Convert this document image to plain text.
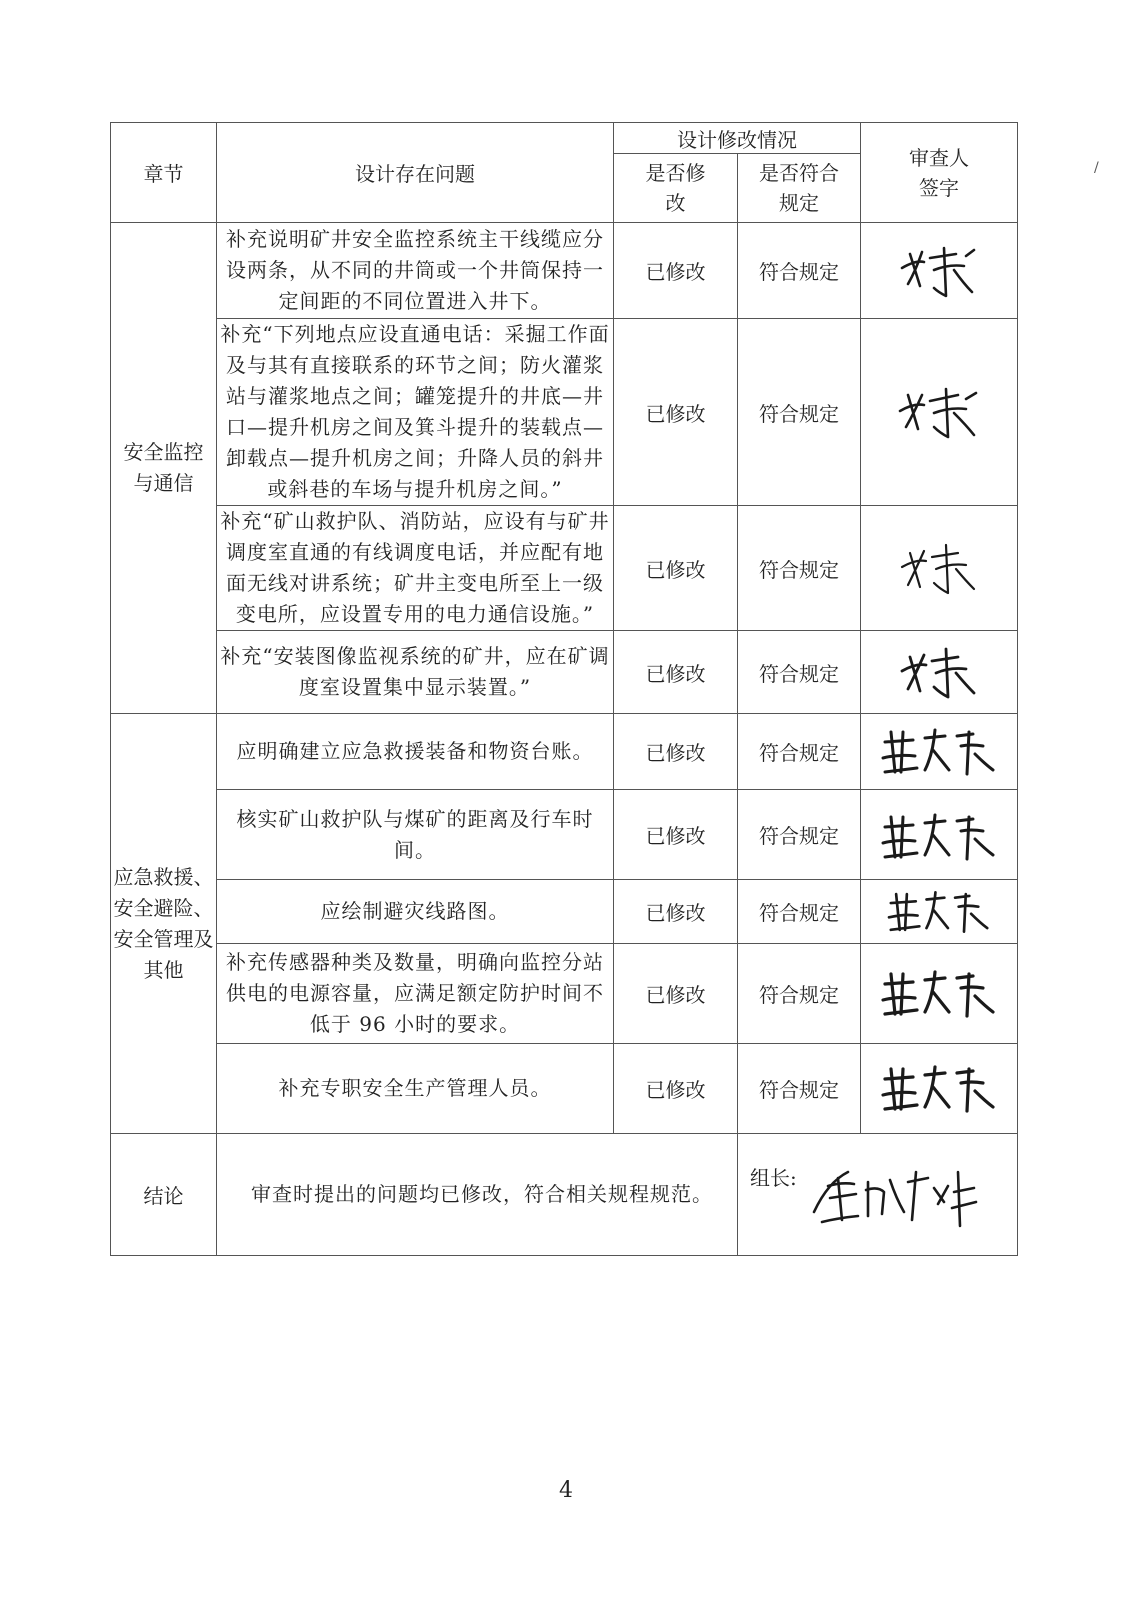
章节	设计存在问题	设计修改情况		审查人签字
		是否修改	是否符合规定	
安全监控与通信	补充说明矿井安全监控系统主干线缆应分设两条，从不同的井筒或一个井筒保持一定间距的不同位置进入井下。	已修改	符合规定	

	补充“下列地点应设直通电话：采掘工作面及与其有直接联系的环节之间；防火灌浆站与灌浆地点之间；罐笼提升的井底—井口—提升机房之间及箕斗提升的装载点—卸载点—提升机房之间；升降人员的斜井或斜巷的车场与提升机房之间。”	已修改	符合规定	

	补充“矿山救护队、消防站，应设有与矿井调度室直通的有线调度电话，并应配有地面无线对讲系统；矿井主变电所至上一级变电所，应设置专用的电力通信设施。”	已修改	符合规定	

	补充“安装图像监视系统的矿井，应在矿调度室设置集中显示装置。”	已修改	符合规定	

应急救援、安全避险、安全管理及其他	应明确建立应急救援装备和物资台账。	已修改	符合规定	

	核实矿山救护队与煤矿的距离及行车时间。	已修改	符合规定	

	应绘制避灾线路图。	已修改	符合规定	

	补充传感器种类及数量，明确向监控分站供电的电源容量，应满足额定防护时间不低于 96 小时的要求。	已修改	符合规定	

	补充专职安全生产管理人员。	已修改	符合规定	

结论	审查时提出的问题均已修改，符合相关规程规范。		组长:	
4
/
